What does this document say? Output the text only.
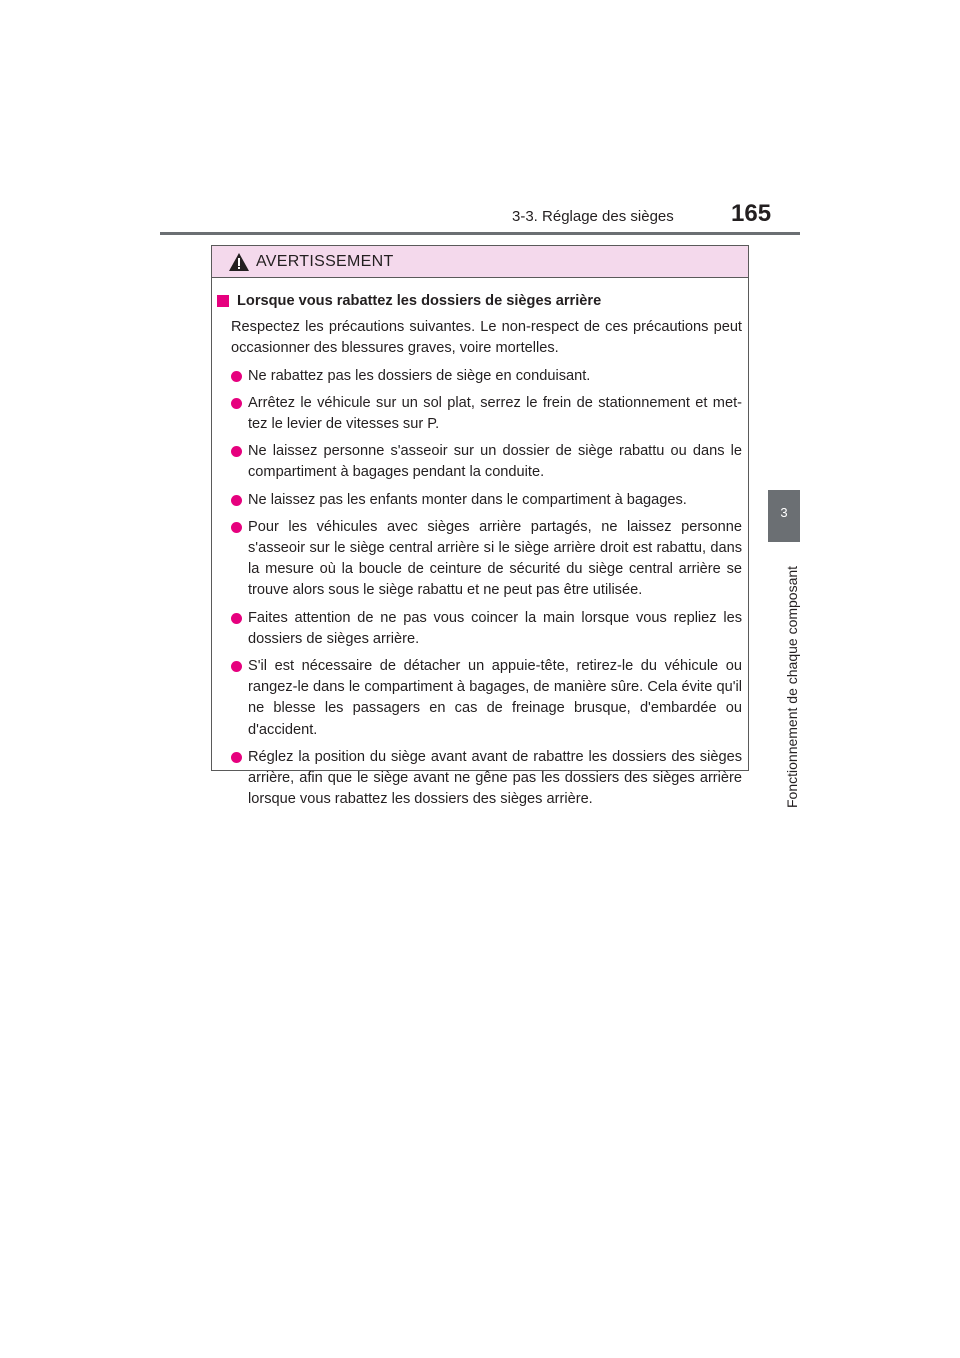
3-3. Réglage des sièges 165
3
Fonctionnement de chaque composant
AVERTISSEMENT
Lorsque vous rabattez les dossiers de sièges arrière
Respectez les précautions suivantes. Le non-respect de ces précautions peut occasionner des blessures graves, voire mortelles.
Ne rabattez pas les dossiers de siège en conduisant.
Arrêtez le véhicule sur un sol plat, serrez le frein de stationnement et met-tez le levier de vitesses sur P.
Ne laissez personne s'asseoir sur un dossier de siège rabattu ou dans le compartiment à bagages pendant la conduite.
Ne laissez pas les enfants monter dans le compartiment à bagages.
Pour les véhicules avec sièges arrière partagés, ne laissez personne s'asseoir sur le siège central arrière si le siège arrière droit est rabattu, dans la mesure où la boucle de ceinture de sécurité du siège central arrière se trouve alors sous le siège rabattu et ne peut pas être utilisée.
Faites attention de ne pas vous coincer la main lorsque vous repliez les dossiers de sièges arrière.
S'il est nécessaire de détacher un appuie-tête, retirez-le du véhicule ou rangez-le dans le compartiment à bagages, de manière sûre. Cela évite qu'il ne blesse les passagers en cas de freinage brusque, d'embardée ou d'accident.
Réglez la position du siège avant avant de rabattre les dossiers des sièges arrière, afin que le siège avant ne gêne pas les dossiers des sièges arrière lorsque vous rabattez les dossiers des sièges arrière.
